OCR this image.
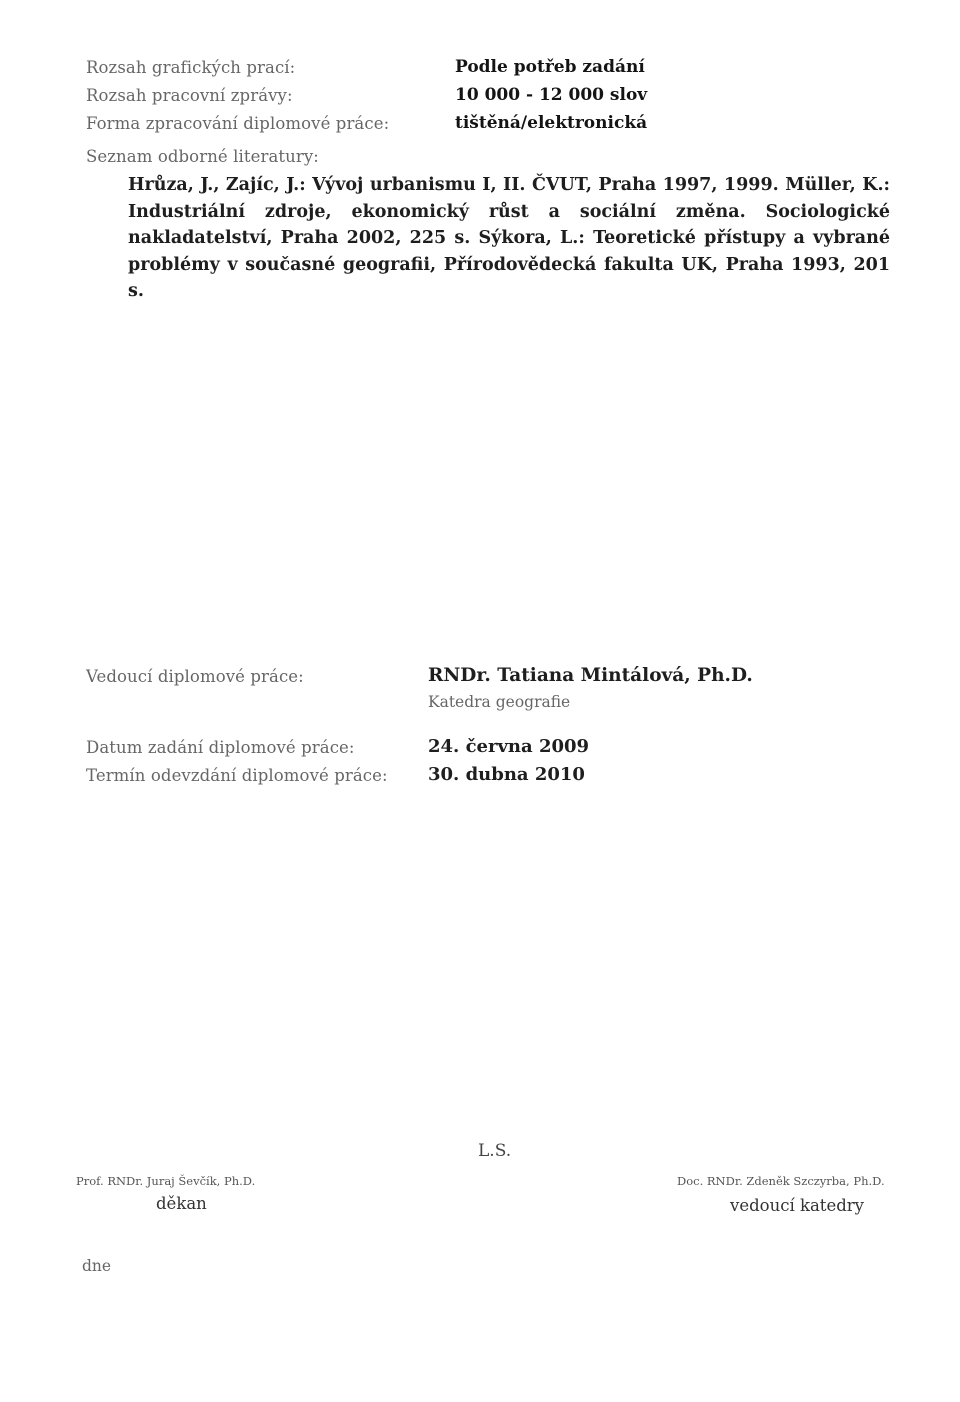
Rozsah grafických prací:	Podle potřeb zadání
Rozsah pracovní zprávy:	10 000 - 12 000 slov
Forma zpracování diplomové práce:	tištěná/elektronická
Seznam odborné literatury:
Hrůza, J., Zajíc, J.: Vývoj urbanismu I, II. ČVUT, Praha 1997, 1999. Müller, K.: Industriální zdroje, ekonomický růst a sociální změna. Sociologické nakladatelství, Praha 2002, 225 s. Sýkora, L.: Teoretické přístupy a vybrané problémy v současné geografii, Přírodovědecká fakulta UK, Praha 1993, 201 s.
Vedoucí diplomové práce:	RNDr. Tatiana Mintálová, Ph.D.
Katedra geografie
Datum zadání diplomové práce:	24. června 2009
Termín odevzdání diplomové práce: 30. dubna 2010
L.S.
Prof. RNDr. Juraj Ševčík, Ph.D.
děkan
Doc. RNDr. Zdeněk Szczyrba, Ph.D.
vedoucí katedry
dne
